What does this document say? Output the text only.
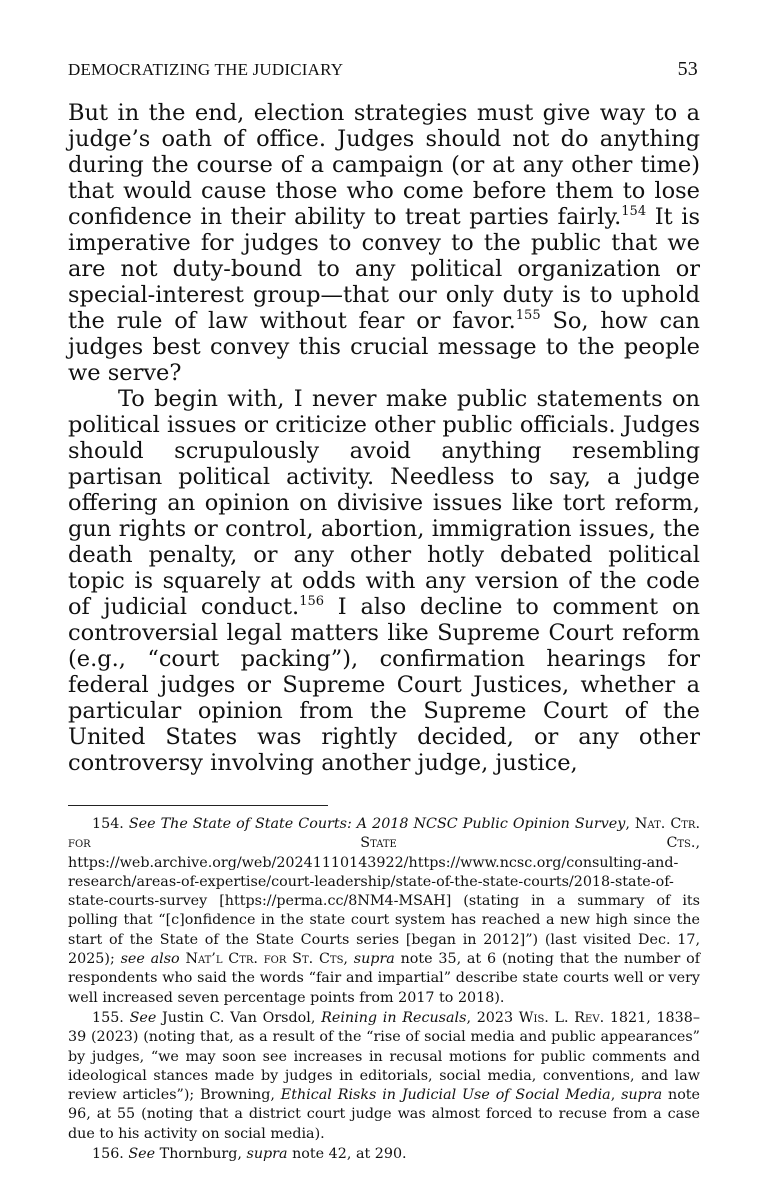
DEMOCRATIZING THE JUDICIARY	53

But in the end, election strategies must give way to a judge’s oath of office. Judges should not do anything during the course of a campaign (or at any other time) that would cause those who come before them to lose confidence in their ability to treat parties fairly.$^{154}$ It is imperative for judges to convey to the public that we are not duty-bound to any political organization or special-interest group—that our only duty is to uphold the rule of law without fear or favor.$^{155}$ So, how can judges best convey this crucial message to the people we serve?

To begin with, I never make public statements on political issues or criticize other public officials. Judges should scrupulously avoid anything resembling partisan political activity. Needless to say, a judge offering an opinion on divisive issues like tort reform, gun rights or control, abortion, immigration issues, the death penalty, or any other hotly debated political topic is squarely at odds with any version of the code of judicial conduct.$^{156}$ I also decline to comment on controversial legal matters like Supreme Court reform (e.g., “court packing”), confirmation hearings for federal judges or Supreme Court Justices, whether a particular opinion from the Supreme Court of the United States was rightly decided, or any other controversy involving another judge, justice,

154. See The State of State Courts: A 2018 NCSC Public Opinion Survey, Nat. Ctr. for State Cts., https://web.archive.org/web/20241110143922/https://www.ncsc.org/consulting-and-research/areas-of-expertise/court-leadership/state-of-the-state-courts/2018-state-of-state-courts-survey [https://perma.cc/8NM4-MSAH] (stating in a summary of its polling that “[c]onfidence in the state court system has reached a new high since the start of the State of the State Courts series [began in 2012]”) (last visited Dec. 17, 2025); see also Nat’l Ctr. for St. Cts, supra note 35, at 6 (noting that the number of respondents who said the words “fair and impartial” describe state courts well or very well increased seven percentage points from 2017 to 2018).

155. See Justin C. Van Orsdol, Reining in Recusals, 2023 Wis. L. Rev. 1821, 1838–39 (2023) (noting that, as a result of the “rise of social media and public appearances” by judges, “we may soon see increases in recusal motions for public comments and ideological stances made by judges in editorials, social media, conventions, and law review articles”); Browning, Ethical Risks in Judicial Use of Social Media, supra note 96, at 55 (noting that a district court judge was almost forced to recuse from a case due to his activity on social media).

156. See Thornburg, supra note 42, at 290.
